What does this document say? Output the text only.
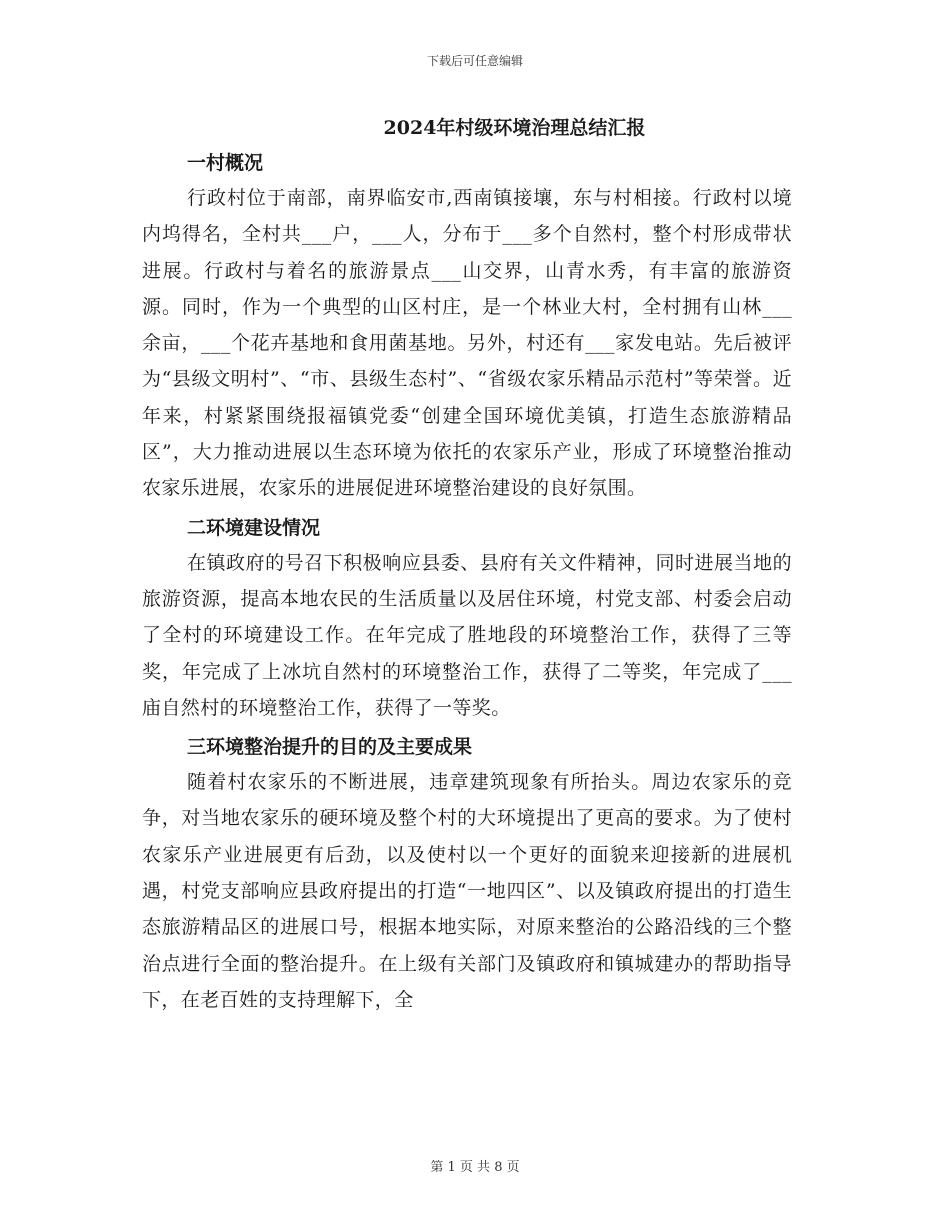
下载后可任意编辑
2024年村级环境治理总结汇报
一村概况

行政村位于南部，南界临安市,西南镇接壤，东与村相接。行政村以境内坞得名，全村共___户，___人，分布于___多个自然村，整个村形成带状进展。行政村与着名的旅游景点___山交界，山青水秀，有丰富的旅游资源。同时，作为一个典型的山区村庄，是一个林业大村，全村拥有山林___余亩，___个花卉基地和食用菌基地。另外，村还有___家发电站。先后被评为“县级文明村”、“市、县级生态村”、“省级农家乐精品示范村”等荣誉。近年来，村紧紧围绕报福镇党委“创建全国环境优美镇，打造生态旅游精品区”，大力推动进展以生态环境为依托的农家乐产业，形成了环境整治推动农家乐进展，农家乐的进展促进环境整治建设的良好氛围。

二环境建设情况

在镇政府的号召下积极响应县委、县府有关文件精神，同时进展当地的旅游资源，提高本地农民的生活质量以及居住环境，村党支部、村委会启动了全村的环境建设工作。在年完成了胜地段的环境整治工作，获得了三等奖，年完成了上冰坑自然村的环境整治工作，获得了二等奖，年完成了___庙自然村的环境整治工作，获得了一等奖。

三环境整治提升的目的及主要成果

随着村农家乐的不断进展，违章建筑现象有所抬头。周边农家乐的竞争，对当地农家乐的硬环境及整个村的大环境提出了更高的要求。为了使村农家乐产业进展更有后劲，以及使村以一个更好的面貌来迎接新的进展机遇，村党支部响应县政府提出的打造“一地四区”、以及镇政府提出的打造生态旅游精品区的进展口号，根据本地实际，对原来整治的公路沿线的三个整治点进行全面的整治提升。在上级有关部门及镇政府和镇城建办的帮助指导下，在老百姓的支持理解下，全

第 1 页 共 8 页
